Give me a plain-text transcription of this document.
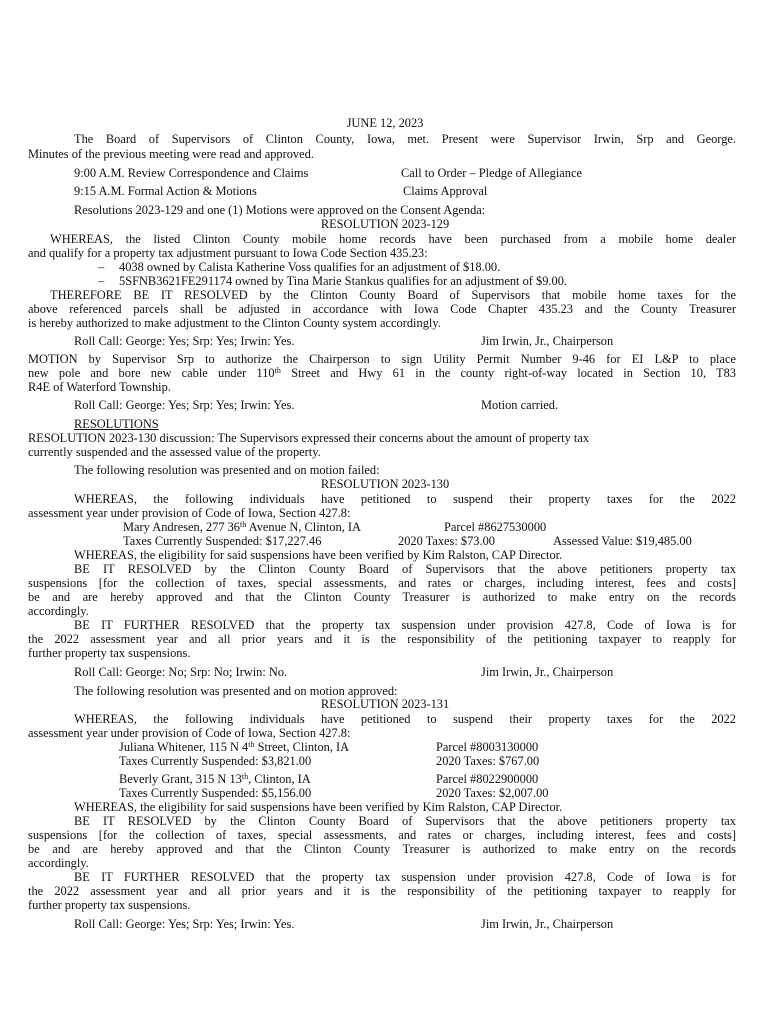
JUNE 12, 2023
The Board of Supervisors of Clinton County, Iowa, met. Present were Supervisor Irwin, Srp and George.
Minutes of the previous meeting were read and approved.
9:00 A.M. Review Correspondence and Claims	Call to Order – Pledge of Allegiance
9:15 A.M. Formal Action & Motions	Claims Approval
Resolutions 2023-129 and one (1) Motions were approved on the Consent Agenda:
RESOLUTION 2023-129
WHEREAS, the listed Clinton County mobile home records have been purchased from a mobile home dealer
and qualify for a property tax adjustment pursuant to Iowa Code Section 435.23:
– 4038 owned by Calista Katherine Voss qualifies for an adjustment of $18.00.
– 5SFNB3621FE291174 owned by Tina Marie Stankus qualifies for an adjustment of $9.00.
THEREFORE BE IT RESOLVED by the Clinton County Board of Supervisors that mobile home taxes for the
above referenced parcels shall be adjusted in accordance with Iowa Code Chapter 435.23 and the County Treasurer
is hereby authorized to make adjustment to the Clinton County system accordingly.
Roll Call: George: Yes; Srp: Yes; Irwin: Yes.	Jim Irwin, Jr., Chairperson
MOTION by Supervisor Srp to authorize the Chairperson to sign Utility Permit Number 9-46 for EI L&P to place
new pole and bore new cable under 110th Street and Hwy 61 in the county right-of-way located in Section 10, T83
R4E of Waterford Township.
Roll Call: George: Yes; Srp: Yes; Irwin: Yes.	Motion carried.
RESOLUTIONS
RESOLUTION 2023-130 discussion: The Supervisors expressed their concerns about the amount of property tax
currently suspended and the assessed value of the property.
The following resolution was presented and on motion failed:
RESOLUTION 2023-130
WHEREAS, the following individuals have petitioned to suspend their property taxes for the 2022
assessment year under provision of Code of Iowa, Section 427.8:
Mary Andresen, 277 36th Avenue N, Clinton, IA	Parcel #8627530000
Taxes Currently Suspended: $17,227.46	2020 Taxes: $73.00	Assessed Value: $19,485.00
WHEREAS, the eligibility for said suspensions have been verified by Kim Ralston, CAP Director.
BE IT RESOLVED by the Clinton County Board of Supervisors that the above petitioners property tax
suspensions [for the collection of taxes, special assessments, and rates or charges, including interest, fees and costs]
be and are hereby approved and that the Clinton County Treasurer is authorized to make entry on the records
accordingly.
BE IT FURTHER RESOLVED that the property tax suspension under provision 427.8, Code of Iowa is for
the 2022 assessment year and all prior years and it is the responsibility of the petitioning taxpayer to reapply for
further property tax suspensions.
Roll Call: George: No; Srp: No; Irwin: No.	Jim Irwin, Jr., Chairperson
The following resolution was presented and on motion approved:
RESOLUTION 2023-131
WHEREAS, the following individuals have petitioned to suspend their property taxes for the 2022
assessment year under provision of Code of Iowa, Section 427.8:
Juliana Whitener, 115 N 4th Street, Clinton, IA	Parcel #8003130000
Taxes Currently Suspended: $3,821.00	2020 Taxes: $767.00
Beverly Grant, 315 N 13th, Clinton, IA	Parcel #8022900000
Taxes Currently Suspended: $5,156.00	2020 Taxes: $2,007.00
WHEREAS, the eligibility for said suspensions have been verified by Kim Ralston, CAP Director.
BE IT RESOLVED by the Clinton County Board of Supervisors that the above petitioners property tax
suspensions [for the collection of taxes, special assessments, and rates or charges, including interest, fees and costs]
be and are hereby approved and that the Clinton County Treasurer is authorized to make entry on the records
accordingly.
BE IT FURTHER RESOLVED that the property tax suspension under provision 427.8, Code of Iowa is for
the 2022 assessment year and all prior years and it is the responsibility of the petitioning taxpayer to reapply for
further property tax suspensions.
Roll Call: George: Yes; Srp: Yes; Irwin: Yes.	Jim Irwin, Jr., Chairperson
